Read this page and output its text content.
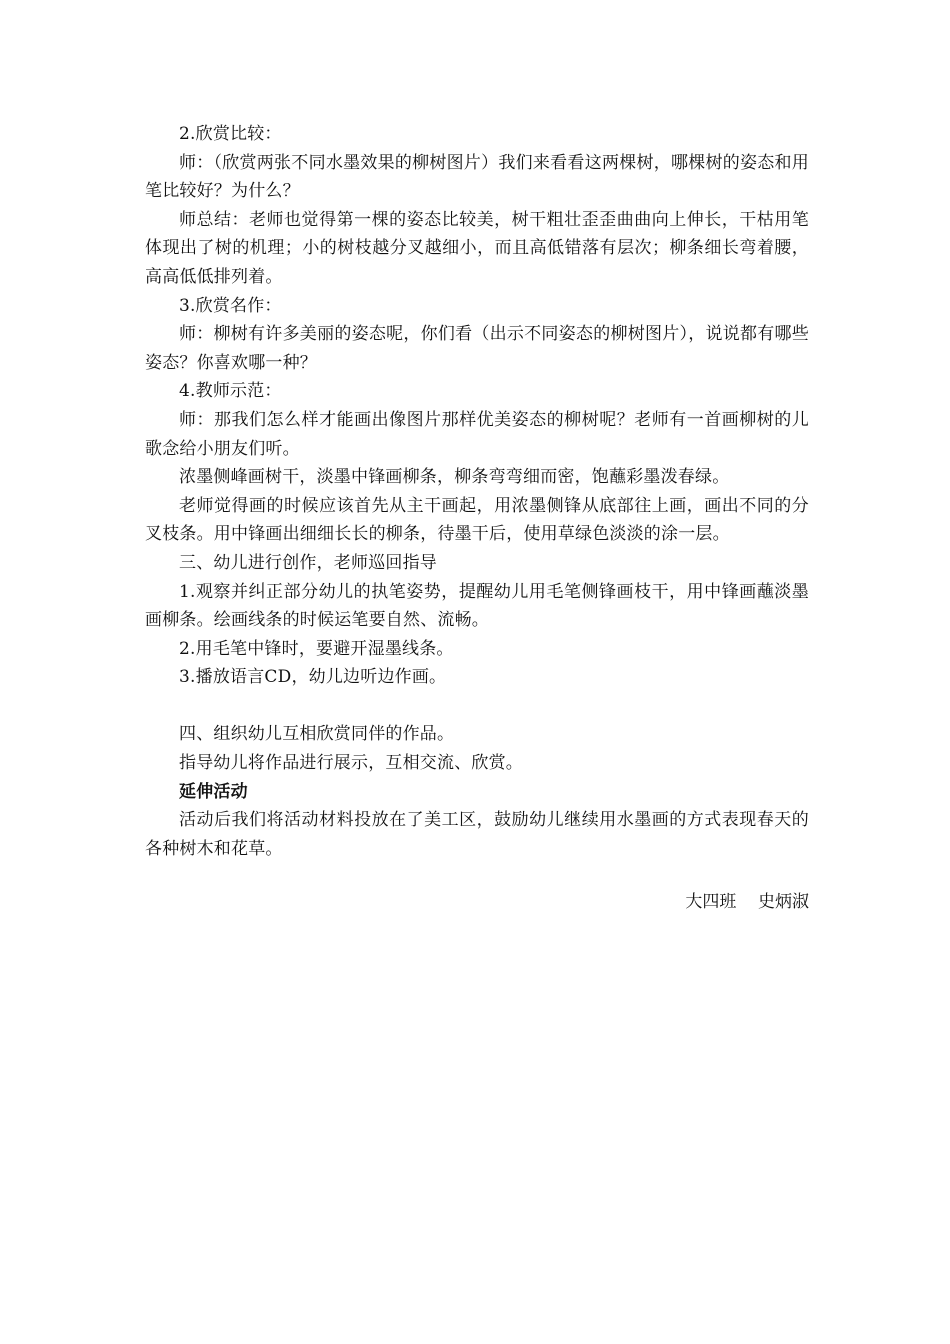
2.欣赏比较：

师：（欣赏两张不同水墨效果的柳树图片）我们来看看这两棵树，哪棵树的姿态和用笔比较好？为什么？

师总结：老师也觉得第一棵的姿态比较美，树干粗壮歪歪曲曲向上伸长，干枯用笔体现出了树的机理；小的树枝越分叉越细小，而且高低错落有层次；柳条细长弯着腰，高高低低排列着。

3.欣赏名作：

师：柳树有许多美丽的姿态呢，你们看（出示不同姿态的柳树图片），说说都有哪些姿态？你喜欢哪一种？

4.教师示范：

师：那我们怎么样才能画出像图片那样优美姿态的柳树呢？老师有一首画柳树的儿歌念给小朋友们听。

浓墨侧峰画树干，淡墨中锋画柳条，柳条弯弯细而密，饱蘸彩墨泼春绿。

老师觉得画的时候应该首先从主干画起，用浓墨侧锋从底部往上画，画出不同的分叉枝条。用中锋画出细细长长的柳条，待墨干后，使用草绿色淡淡的涂一层。

三、幼儿进行创作，老师巡回指导

1.观察并纠正部分幼儿的执笔姿势，提醒幼儿用毛笔侧锋画枝干，用中锋画蘸淡墨画柳条。绘画线条的时候运笔要自然、流畅。

2.用毛笔中锋时，要避开湿墨线条。

3.播放语言CD，幼儿边听边作画。

四、组织幼儿互相欣赏同伴的作品。

指导幼儿将作品进行展示，互相交流、欣赏。

延伸活动

活动后我们将活动材料投放在了美工区，鼓励幼儿继续用水墨画的方式表现春天的各种树木和花草。

大四班    史炳淑
